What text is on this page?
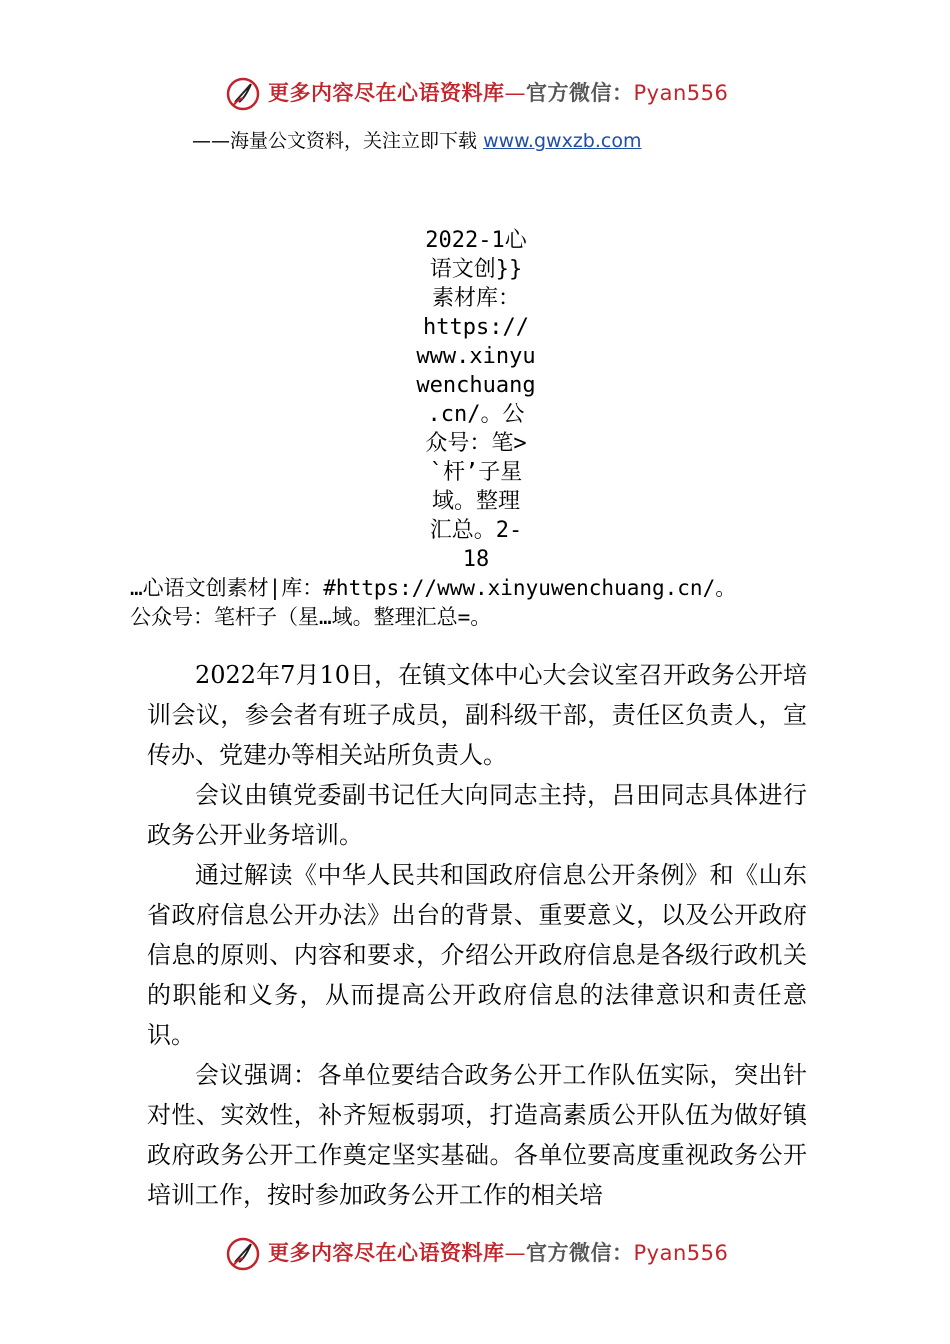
更多内容尽在心语资料库—官方微信：Pyan556
——海量公文资料，关注立即下载 www.gwxzb.com
2022-1心
语文创}}
素材库：
https://
www.xinyu
wenchuang
.cn/。公
众号：笔>
`杆’子星
域。整理
汇总。2-
18
…心语文创素材|库：#https://www.xinyuwenchuang.cn/。
公众号：笔杆子（星…域。整理汇总=。

2022年7月10日，在镇文体中心大会议室召开政务公开培训会议，参会者有班子成员，副科级干部，责任区负责人，宣传办、党建办等相关站所负责人。

会议由镇党委副书记任大向同志主持，吕田同志具体进行政务公开业务培训。

通过解读《中华人民共和国政府信息公开条例》和《山东省政府信息公开办法》出台的背景、重要意义，以及公开政府信息的原则、内容和要求，介绍公开政府信息是各级行政机关的职能和义务，从而提高公开政府信息的法律意识和责任意识。

会议强调：各单位要结合政务公开工作队伍实际，突出针对性、实效性，补齐短板弱项，打造高素质公开队伍为做好镇政府政务公开工作奠定坚实基础。各单位要高度重视政务公开培训工作，按时参加政务公开工作的相关培

更多内容尽在心语资料库—官方微信：Pyan556
